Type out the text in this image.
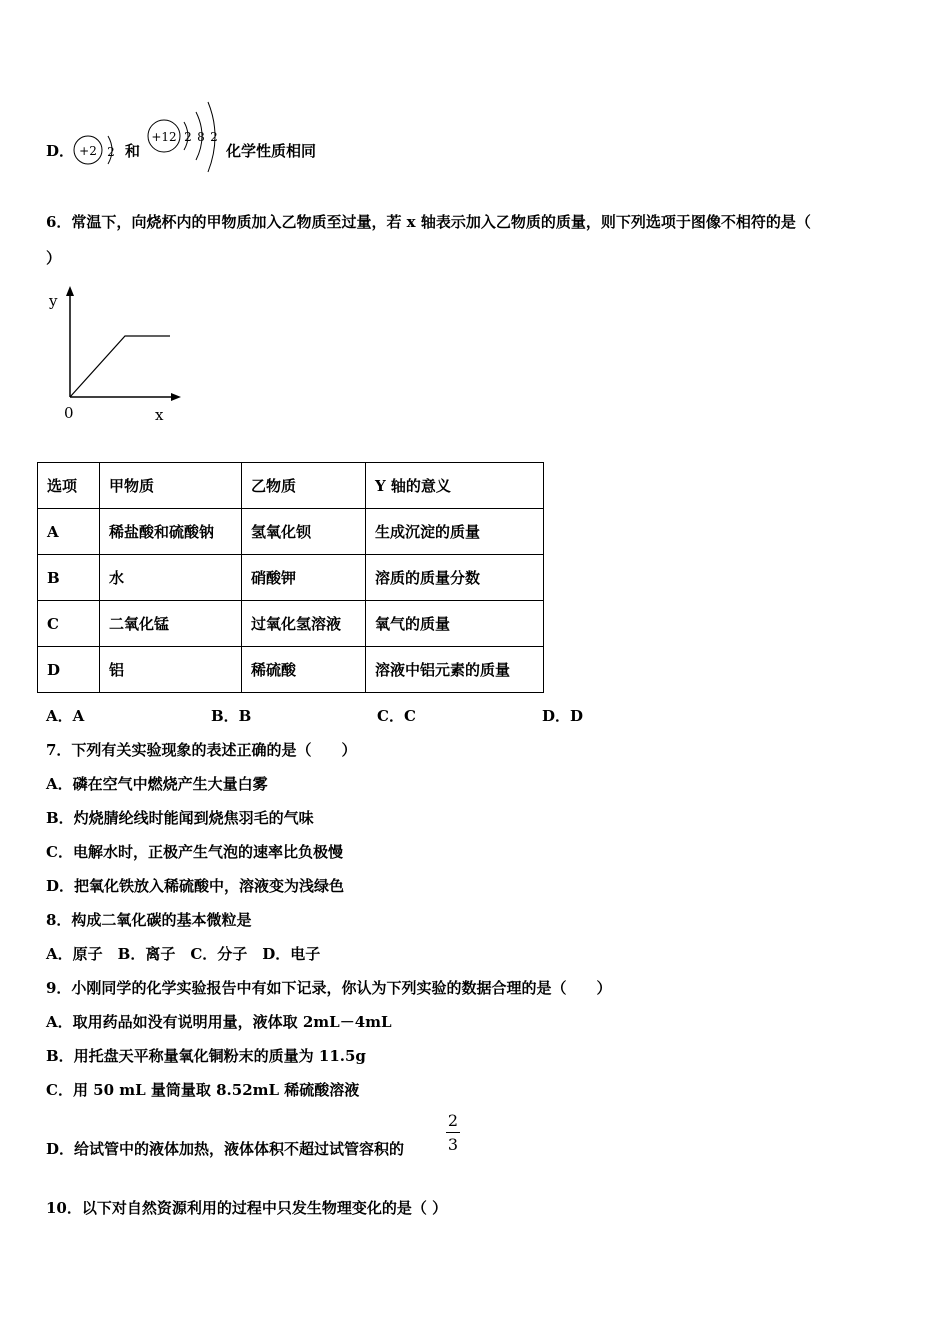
D． +2 2 和
+12 2 8 2
化学性质相同
6．常温下，向烧杯内的甲物质加入乙物质至过量，若 x 轴表示加入乙物质的质量，则下列选项于图像不相符的是（
）
y
x
0
选项	甲物质	乙物质	Y 轴的意义
A	稀盐酸和硫酸钠	氢氧化钡	生成沉淀的质量
B	水	硝酸钾	溶质的质量分数
C	二氧化锰	过氧化氢溶液	氧气的质量
D	铝	稀硫酸	溶液中铝元素的质量
A．A	B．B	C．C	D．D
7．下列有关实验现象的表述正确的是（　　）
A．磷在空气中燃烧产生大量白雾
B．灼烧腈纶线时能闻到烧焦羽毛的气味
C．电解水时，正极产生气泡的速率比负极慢
D．把氧化铁放入稀硫酸中，溶液变为浅绿色
8．构成二氧化碳的基本微粒是
A．原子　B．离子　C．分子　D．电子
9．小刚同学的化学实验报告中有如下记录，你认为下列实验的数据合理的是（　　）
A．取用药品如没有说明用量，液体取 2mL－4mL
B．用托盘天平称量氧化铜粉末的质量为 11.5g
C．用 50 mL 量筒量取 8.52mL 稀硫酸溶液
D．给试管中的液体加热，液体体积不超过试管容积的
2
3
10．以下对自然资源利用的过程中只发生物理变化的是（ ）
